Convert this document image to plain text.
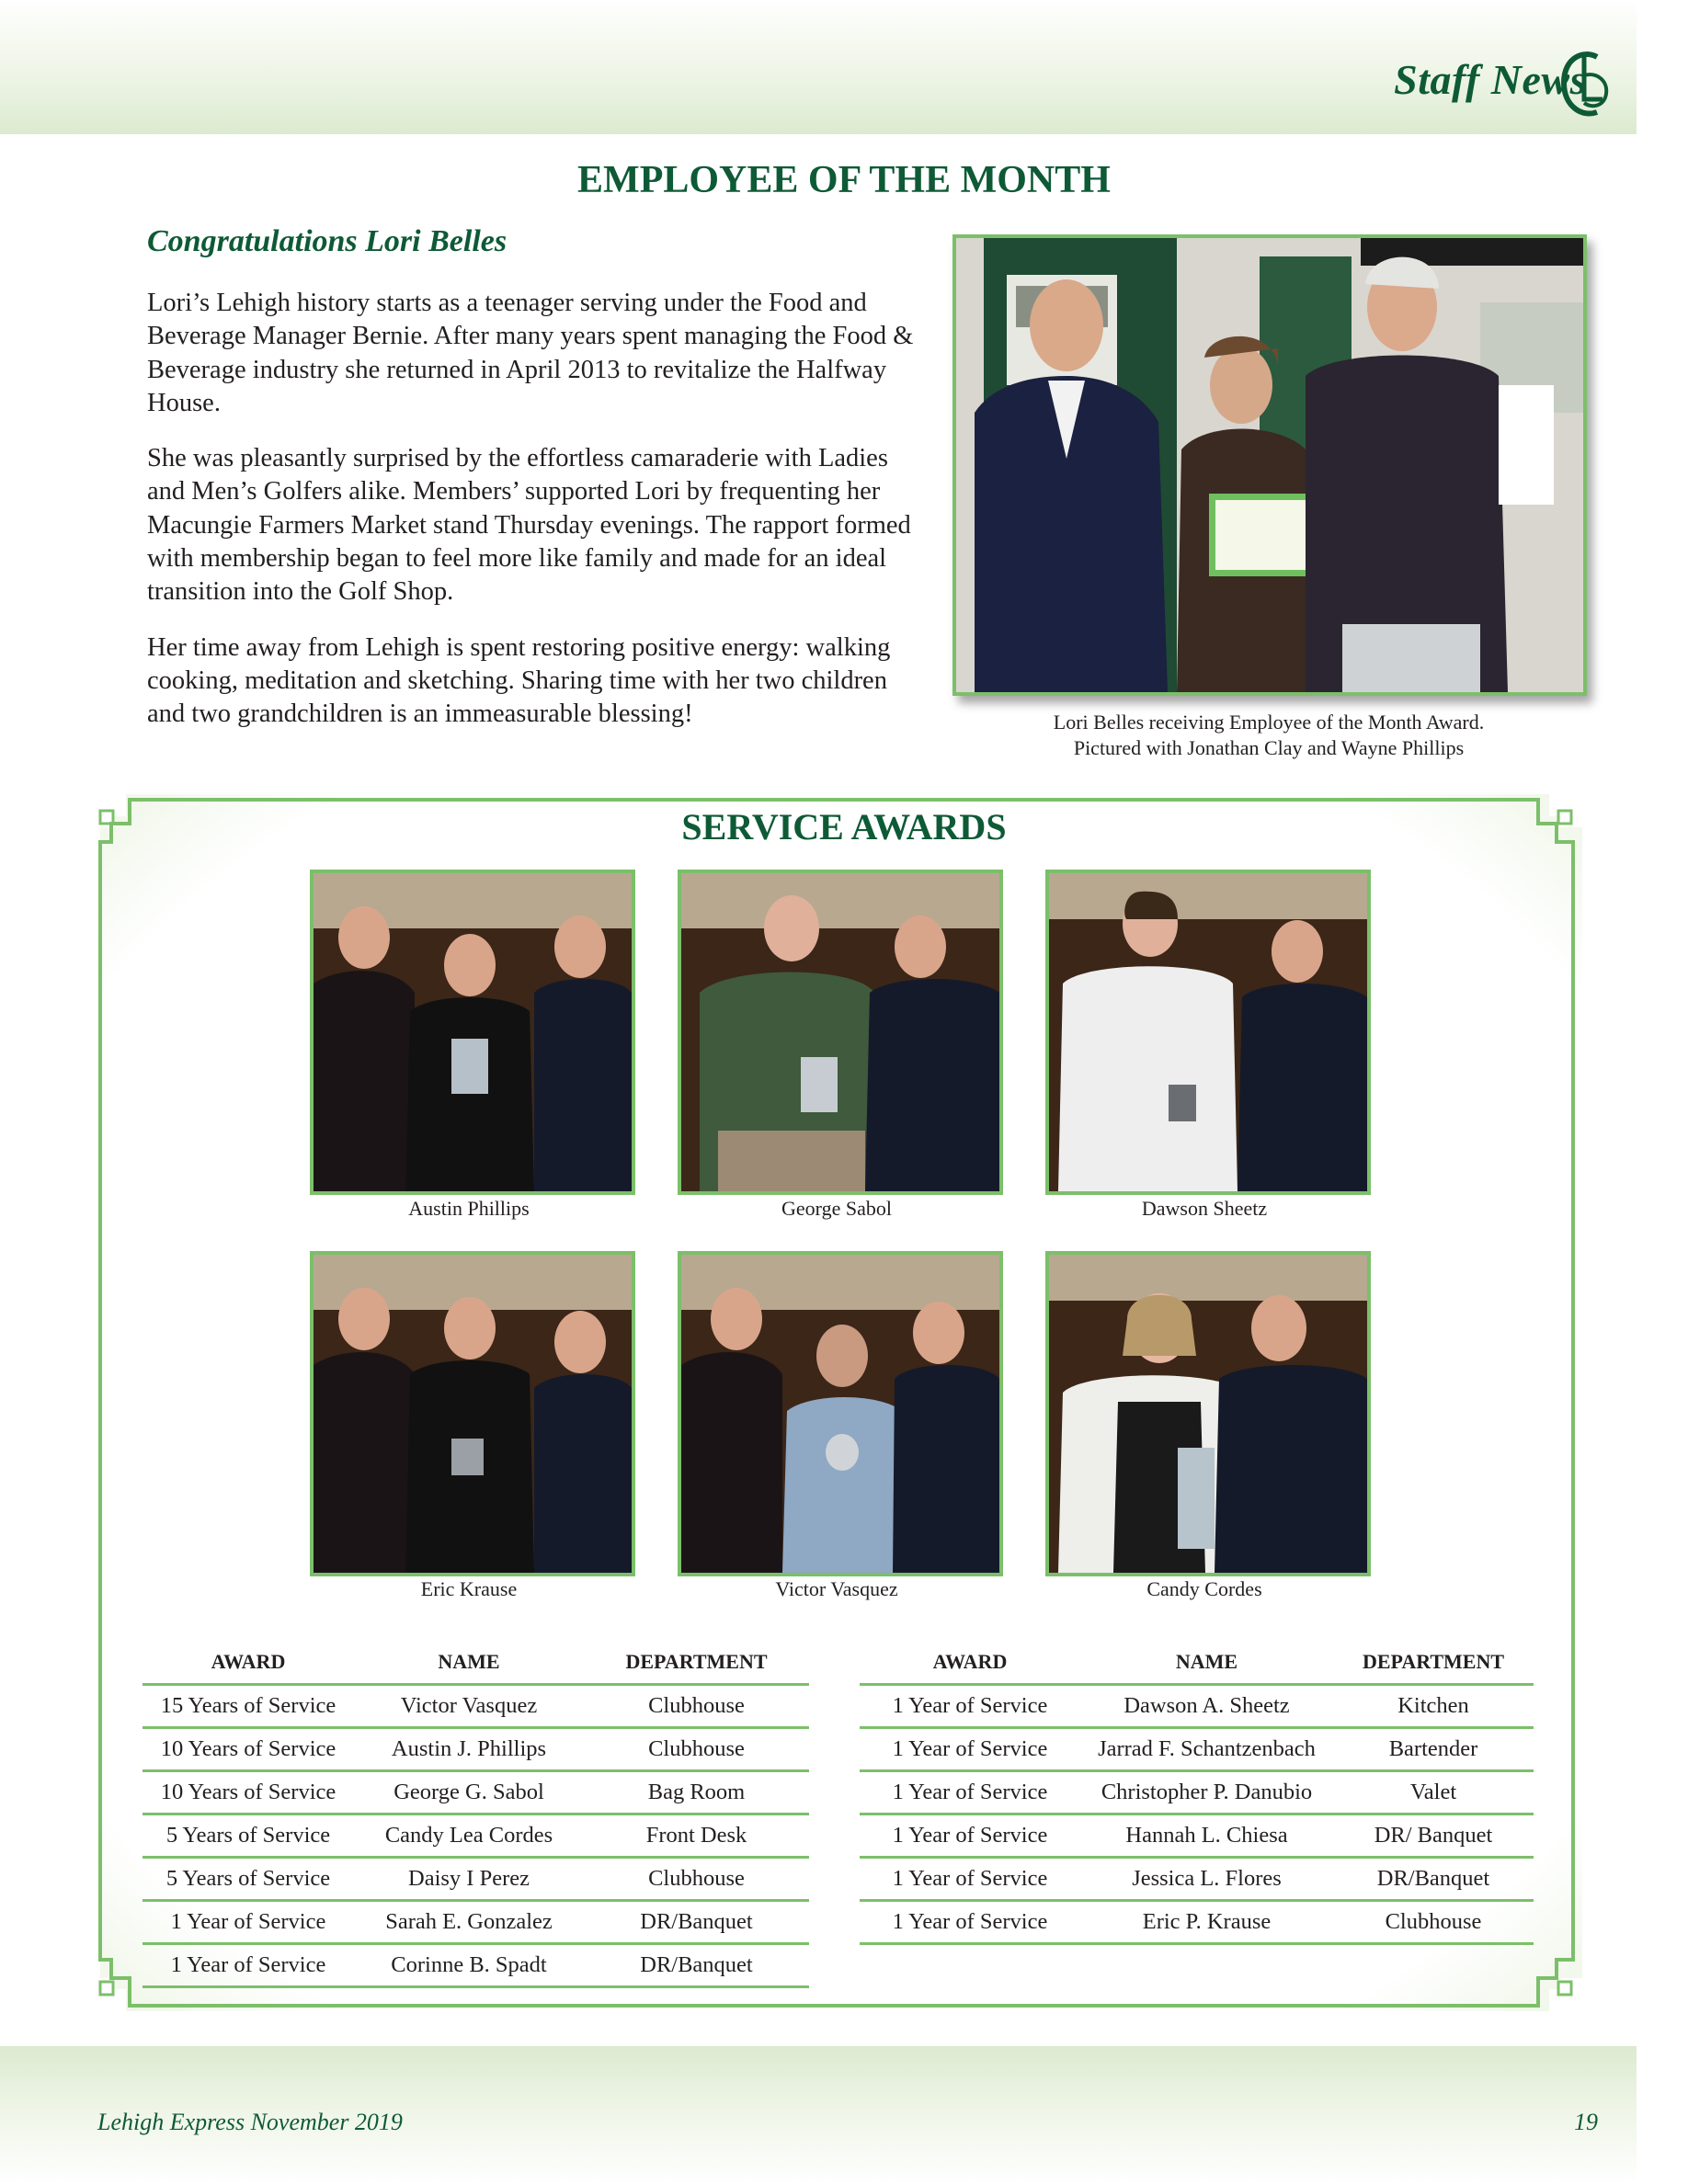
Staff News
EMPLOYEE OF THE MONTH
Congratulations Lori Belles

Lori’s Lehigh history starts as a teenager serving under the Food and Beverage Manager Bernie. After many years spent managing the Food & Beverage industry she returned in April 2013 to revitalize the Halfway House.

She was pleasantly surprised by the effortless camaraderie with Ladies and Men’s Golfers alike. Members’ supported Lori by frequenting her Macungie Farmers Market stand Thursday evenings. The rapport formed with membership began to feel more like family and made for an ideal transition into the Golf Shop.

Her time away from Lehigh is spent restoring positive energy: walking cooking, meditation and sketching. Sharing time with her two children and two grandchildren is an immeasurable blessing!	Lori Belles receiving Employee of the Month Award.
Pictured with Jonathan Clay and Wayne Phillips
SERVICE AWARDS
Austin Phillips	George Sabol	Dawson Sheetz
Eric Krause	Victor Vasquez	Candy Cordes
AWARD	NAME	DEPARTMENT
15 Years of Service	Victor Vasquez	Clubhouse
10 Years of Service	Austin J. Phillips	Clubhouse
10 Years of Service	George G. Sabol	Bag Room
5 Years of Service	Candy Lea Cordes	Front Desk
5 Years of Service	Daisy I Perez	Clubhouse
1 Year of Service	Sarah E. Gonzalez	DR/Banquet
1 Year of Service	Corinne B. Spadt	DR/Banquet
AWARD	NAME	DEPARTMENT
1 Year of Service	Dawson A. Sheetz	Kitchen
1 Year of Service	Jarrad F. Schantzenbach	Bartender
1 Year of Service	Christopher P. Danubio	Valet
1 Year of Service	Hannah L. Chiesa	DR/ Banquet
1 Year of Service	Jessica L. Flores	DR/Banquet
1 Year of Service	Eric P. Krause	Clubhouse
Lehigh Express November 2019	19
